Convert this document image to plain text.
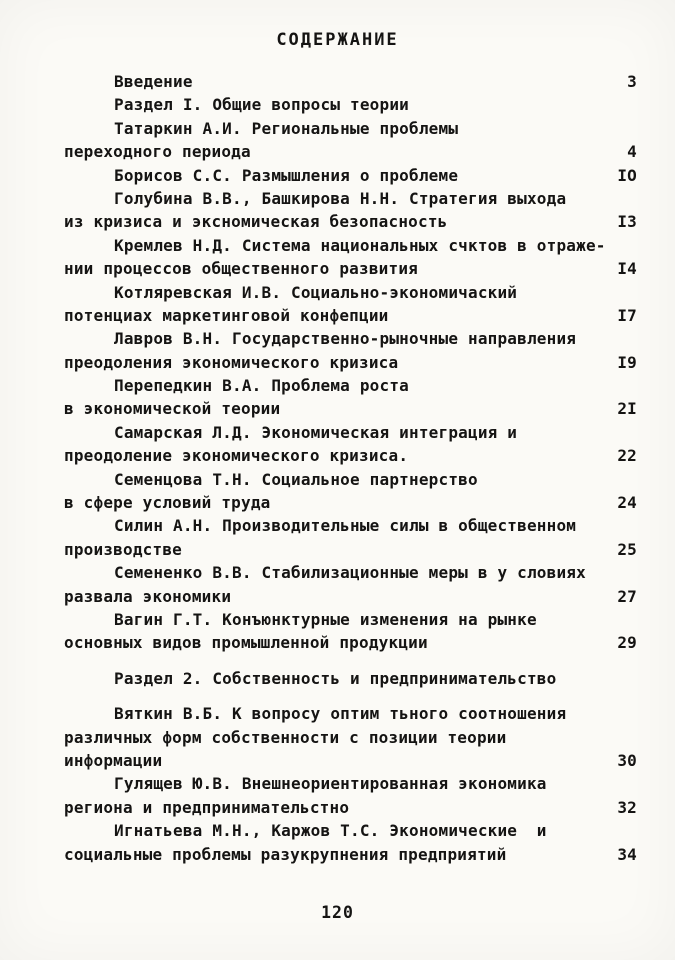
СОДЕРЖАНИЕ
Введение	3
Раздел I. Общие вопросы теории
Татаркин А.И. Региональные проблемы
переходного периода	4
Борисов С.С. Размышления о проблеме	IO
Голубина В.В., Башкирова Н.Н. Стратегия выхода
из кризиса и эксномическая безопасность	I3
Кремлев Н.Д. Система национальных счктов в отраже-
нии процессов общественного развития	I4
Котляревская И.В. Социально-экономичаский
потенциах маркетинговой конфепции	I7
Лавров В.Н. Государственно-рыночные направления
преодоления экономического кризиса	I9
Перепедкин В.А. Проблема роста
в экономической теории	2I
Самарская Л.Д. Экономическая интеграция и
преодоление экономического кризиса.	22
Семенцова Т.Н. Социальное партнерство
в сфере условий труда	24
Силин А.Н. Производительные силы в общественном
производстве	25
Семененко В.В. Стабилизационные меры в у словиях
развала экономики	27
Вагин Г.Т. Конъюнктурные изменения на рынке
основных видов промышленной продукции	29
Раздел 2. Собственность и предпринимательство
Вяткин В.Б. К вопросу оптим тьного соотношения
различных форм собственности с позиции теории
информации	30
Гулящев Ю.В. Внешнеориентированная экономика
региона и предпринимательстно	32
Игнатьева М.Н., Каржов Т.С. Экономические  и
социальные проблемы разукрупнения предприятий	34
120
